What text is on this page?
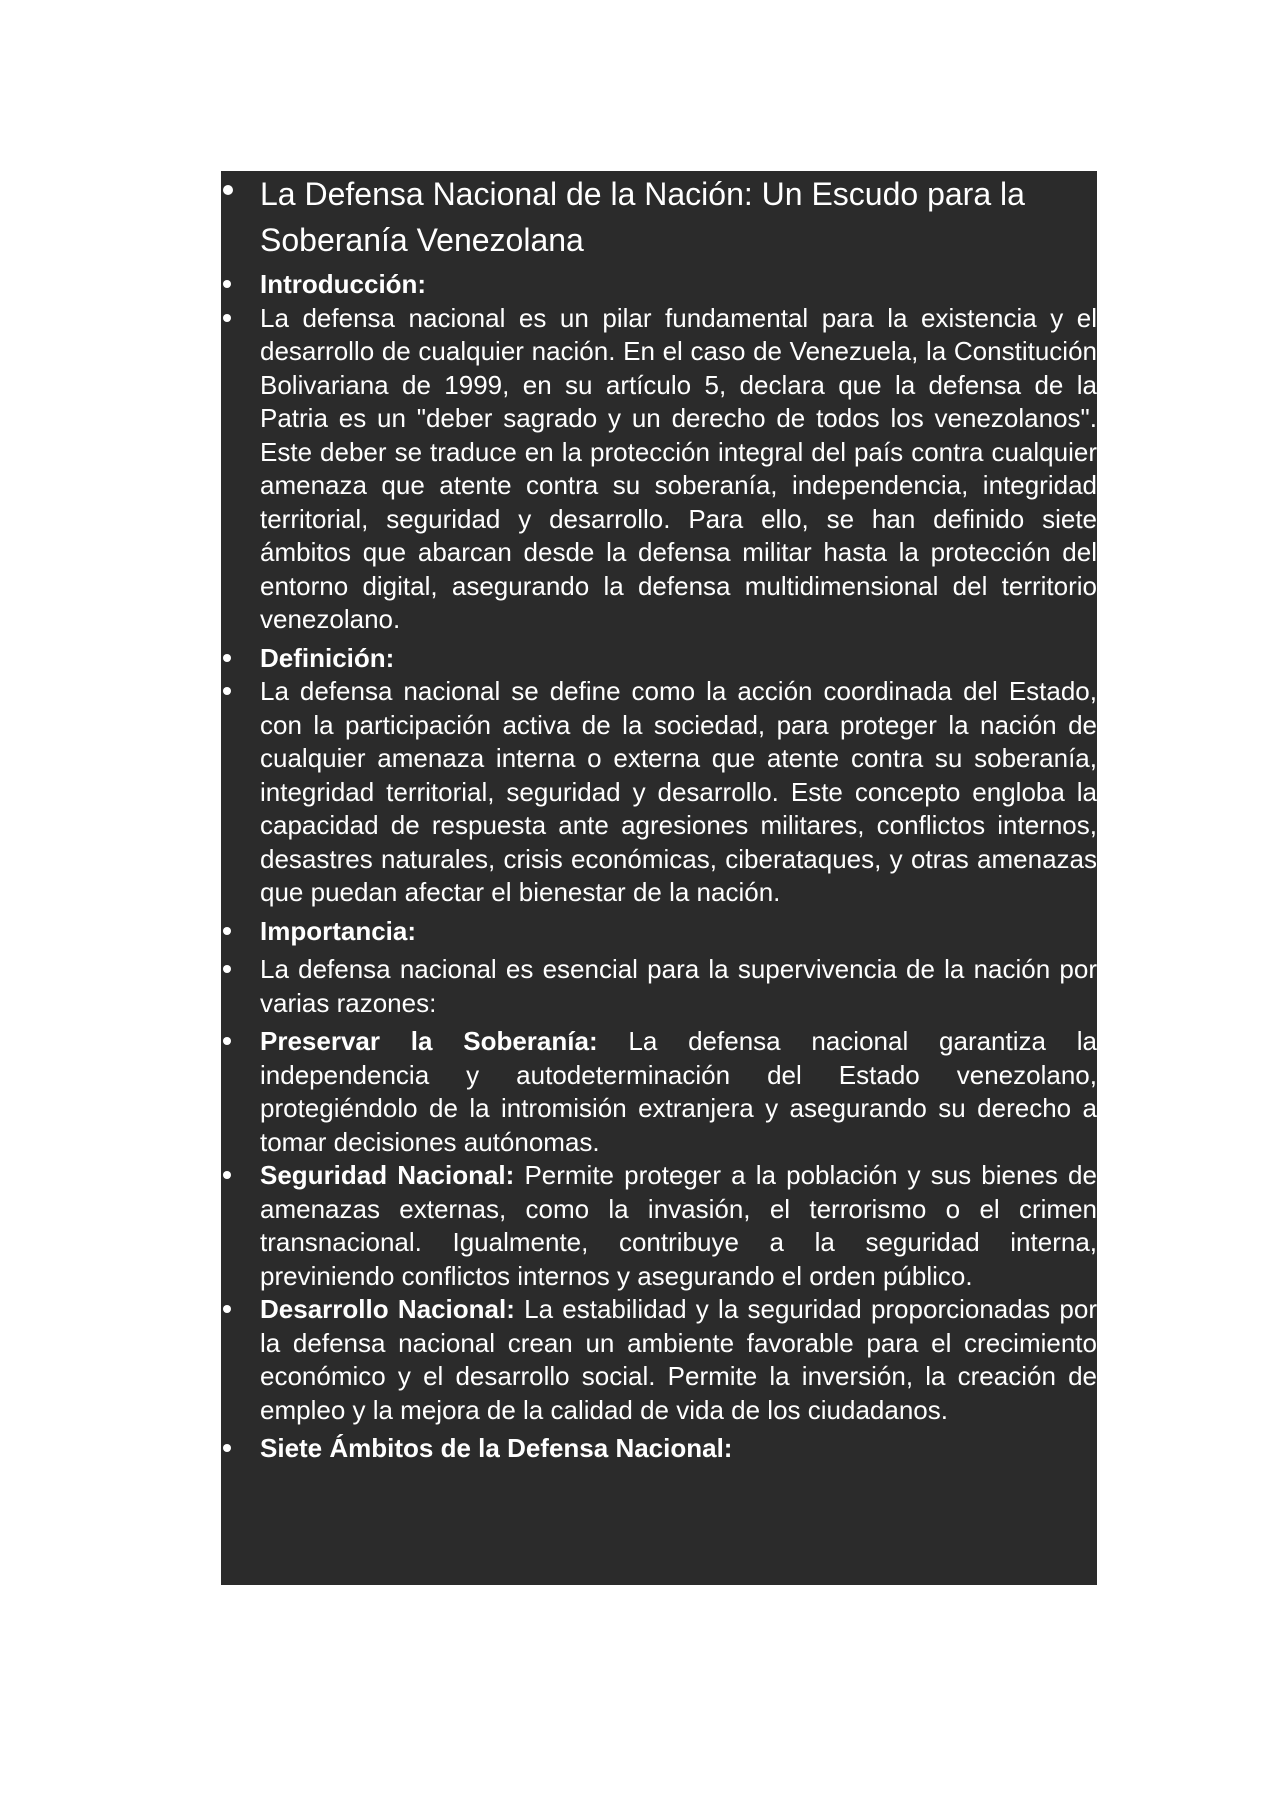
La Defensa Nacional de la Nación: Un Escudo para la Soberanía Venezolana
Introducción:
La defensa nacional es un pilar fundamental para la existencia y el desarrollo de cualquier nación. En el caso de Venezuela, la Constitución Bolivariana de 1999, en su artículo 5, declara que la defensa de la Patria es un "deber sagrado y un derecho de todos los venezolanos". Este deber se traduce en la protección integral del país contra cualquier amenaza que atente contra su soberanía, independencia, integridad territorial, seguridad y desarrollo. Para ello, se han definido siete ámbitos que abarcan desde la defensa militar hasta la protección del entorno digital, asegurando la defensa multidimensional del territorio venezolano.
Definición:
La defensa nacional se define como la acción coordinada del Estado, con la participación activa de la sociedad, para proteger la nación de cualquier amenaza interna o externa que atente contra su soberanía, integridad territorial, seguridad y desarrollo. Este concepto engloba la capacidad de respuesta ante agresiones militares, conflictos internos, desastres naturales, crisis económicas, ciberataques, y otras amenazas que puedan afectar el bienestar de la nación.
Importancia:
La defensa nacional es esencial para la supervivencia de la nación por varias razones:
Preservar la Soberanía: La defensa nacional garantiza la independencia y autodeterminación del Estado venezolano, protegiéndolo de la intromisión extranjera y asegurando su derecho a tomar decisiones autónomas.
Seguridad Nacional: Permite proteger a la población y sus bienes de amenazas externas, como la invasión, el terrorismo o el crimen transnacional. Igualmente, contribuye a la seguridad interna, previniendo conflictos internos y asegurando el orden público.
Desarrollo Nacional: La estabilidad y la seguridad proporcionadas por la defensa nacional crean un ambiente favorable para el crecimiento económico y el desarrollo social. Permite la inversión, la creación de empleo y la mejora de la calidad de vida de los ciudadanos.
Siete Ámbitos de la Defensa Nacional:
